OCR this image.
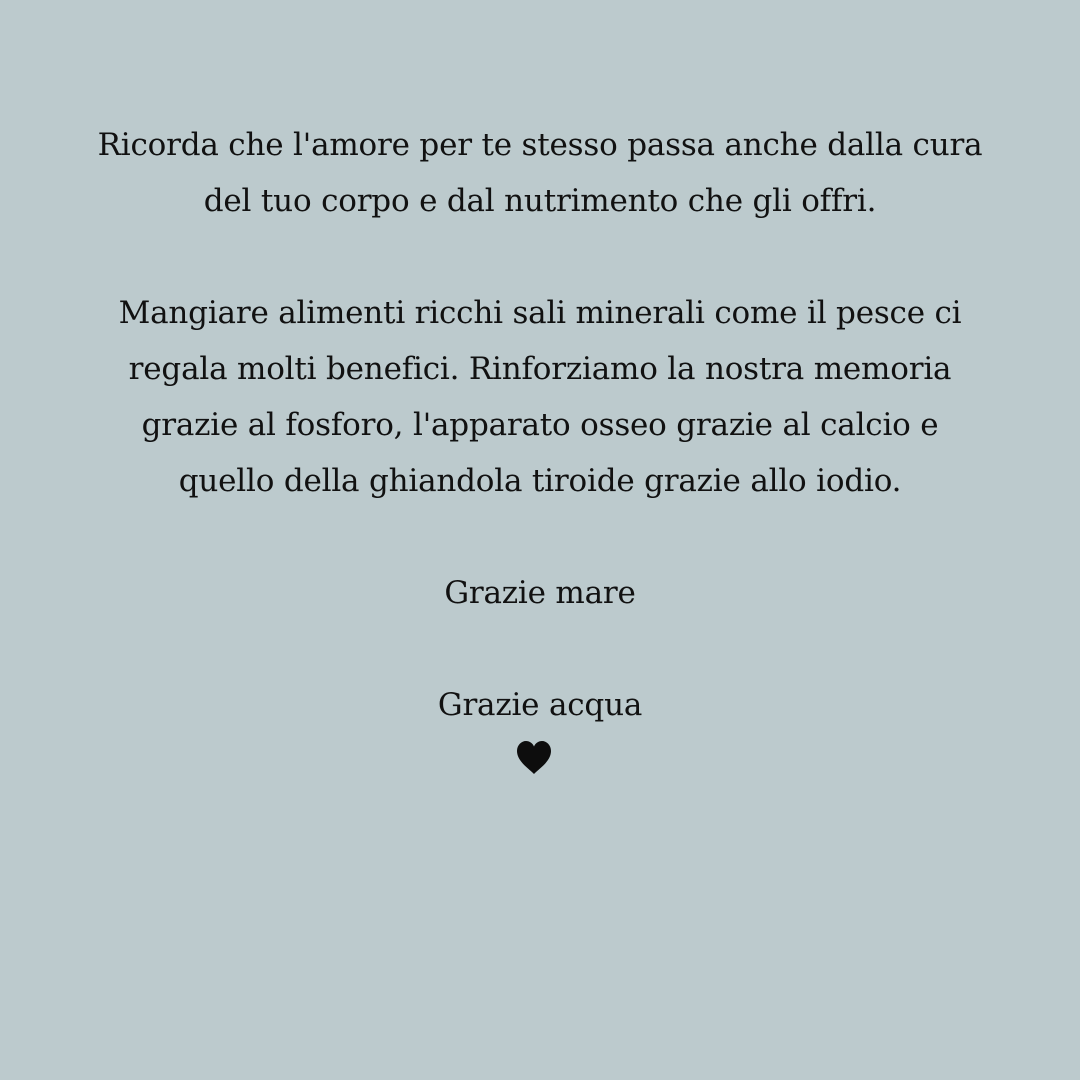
Ricorda che l'amore per te stesso passa anche dalla cura
del tuo corpo e dal nutrimento che gli offri.
Mangiare alimenti ricchi sali minerali come il pesce ci
regala molti benefici. Rinforziamo la nostra memoria
grazie al fosforo, l'apparato osseo grazie al calcio e
quello della ghiandola tiroide grazie allo iodio.
Grazie mare
Grazie acqua
